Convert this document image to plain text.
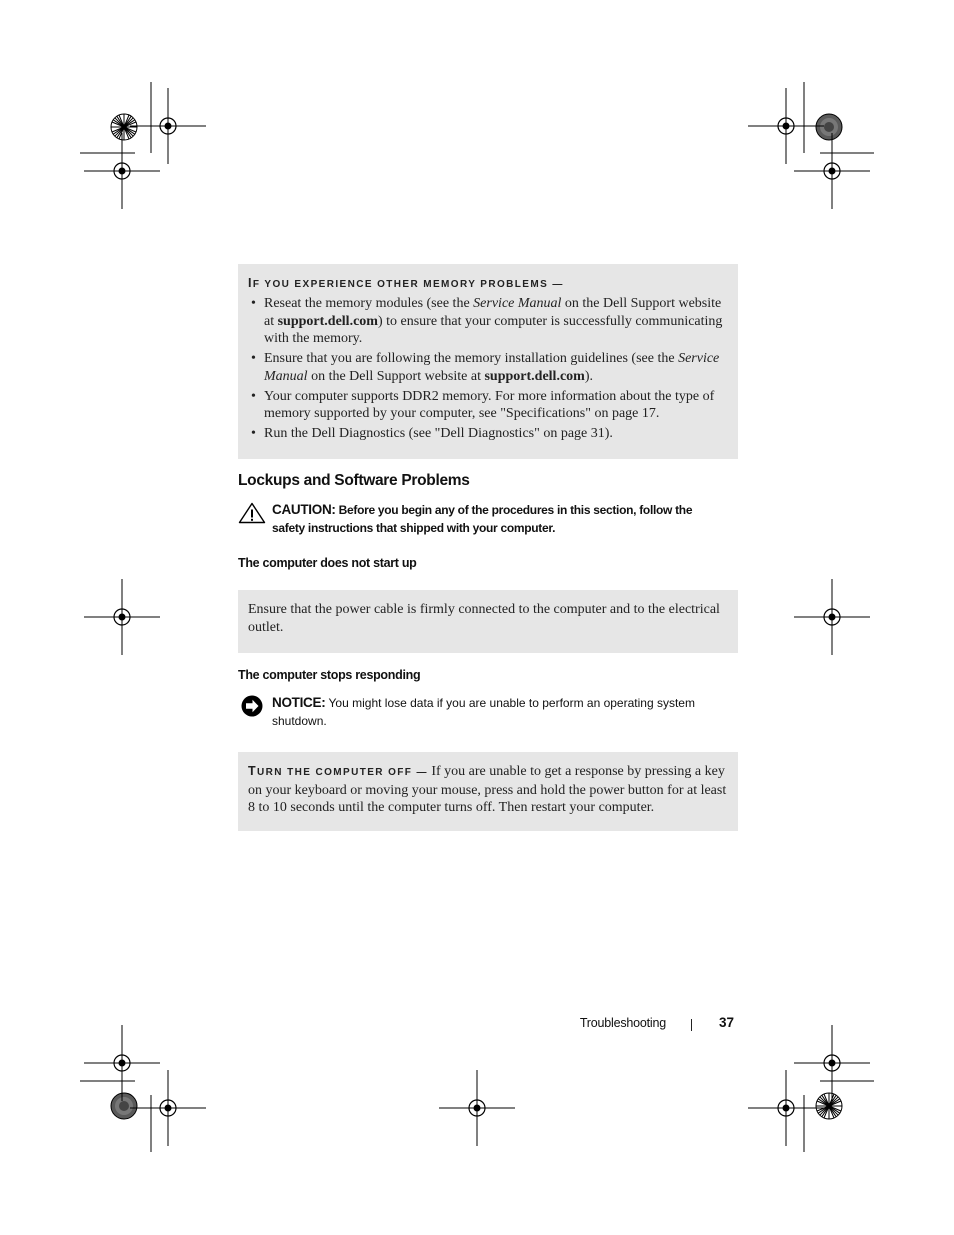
IF YOU EXPERIENCE OTHER MEMORY PROBLEMS —
• Reseat the memory modules (see the Service Manual on the Dell Support website at support.dell.com) to ensure that your computer is successfully communicating with the memory.
• Ensure that you are following the memory installation guidelines (see the Service Manual on the Dell Support website at support.dell.com).
• Your computer supports DDR2 memory. For more information about the type of memory supported by your computer, see "Specifications" on page 17.
• Run the Dell Diagnostics (see "Dell Diagnostics" on page 31).
Lockups and Software Problems
CAUTION: Before you begin any of the procedures in this section, follow the safety instructions that shipped with your computer.
The computer does not start up
Ensure that the power cable is firmly connected to the computer and to the electrical outlet.
The computer stops responding
NOTICE: You might lose data if you are unable to perform an operating system shutdown.
TURN THE COMPUTER OFF — If you are unable to get a response by pressing a key on your keyboard or moving your mouse, press and hold the power button for at least 8 to 10 seconds until the computer turns off. Then restart your computer.
Troubleshooting	37
